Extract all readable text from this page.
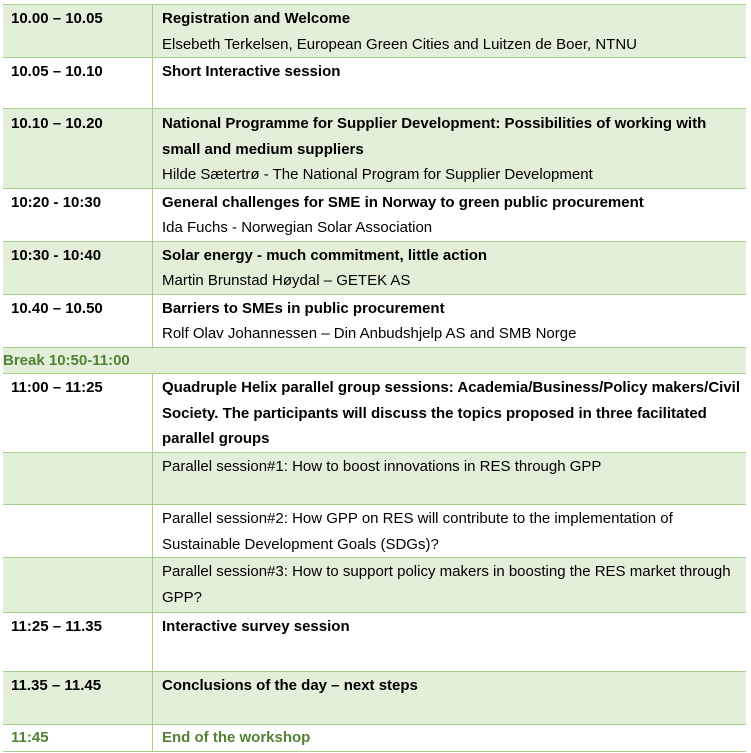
10.00 – 10.05	Registration and Welcome
Elsebeth Terkelsen, European Green Cities and Luitzen de Boer, NTNU

10.05 – 10.10	Short Interactive session

10.10 – 10.20	National Programme for Supplier Development: Possibilities of working with small and medium suppliers
Hilde Sætertrø - The National Program for Supplier Development

10:20 - 10:30	General challenges for SME in Norway to green public procurement
Ida Fuchs - Norwegian Solar Association

10:30 - 10:40	Solar energy - much commitment, little action
Martin Brunstad Høydal – GETEK AS

10.40 – 10.50	Barriers to SMEs in public procurement
Rolf Olav Johannessen – Din Anbudshjelp AS and SMB Norge

Break 10:50-11:00	
11:00 – 11:25	Quadruple Helix parallel group sessions: Academia/Business/Policy makers/Civil Society. The participants will discuss the topics proposed in three facilitated parallel groups

	Parallel session#1: How to boost innovations in RES through GPP

	Parallel session#2: How GPP on RES will contribute to the implementation of Sustainable Development Goals (SDGs)?

	Parallel session#3: How to support policy makers in boosting the RES market through GPP?

11:25 – 11.35	Interactive survey session

11.35 – 11.45	Conclusions of the day – next steps

11:45	End of the workshop
